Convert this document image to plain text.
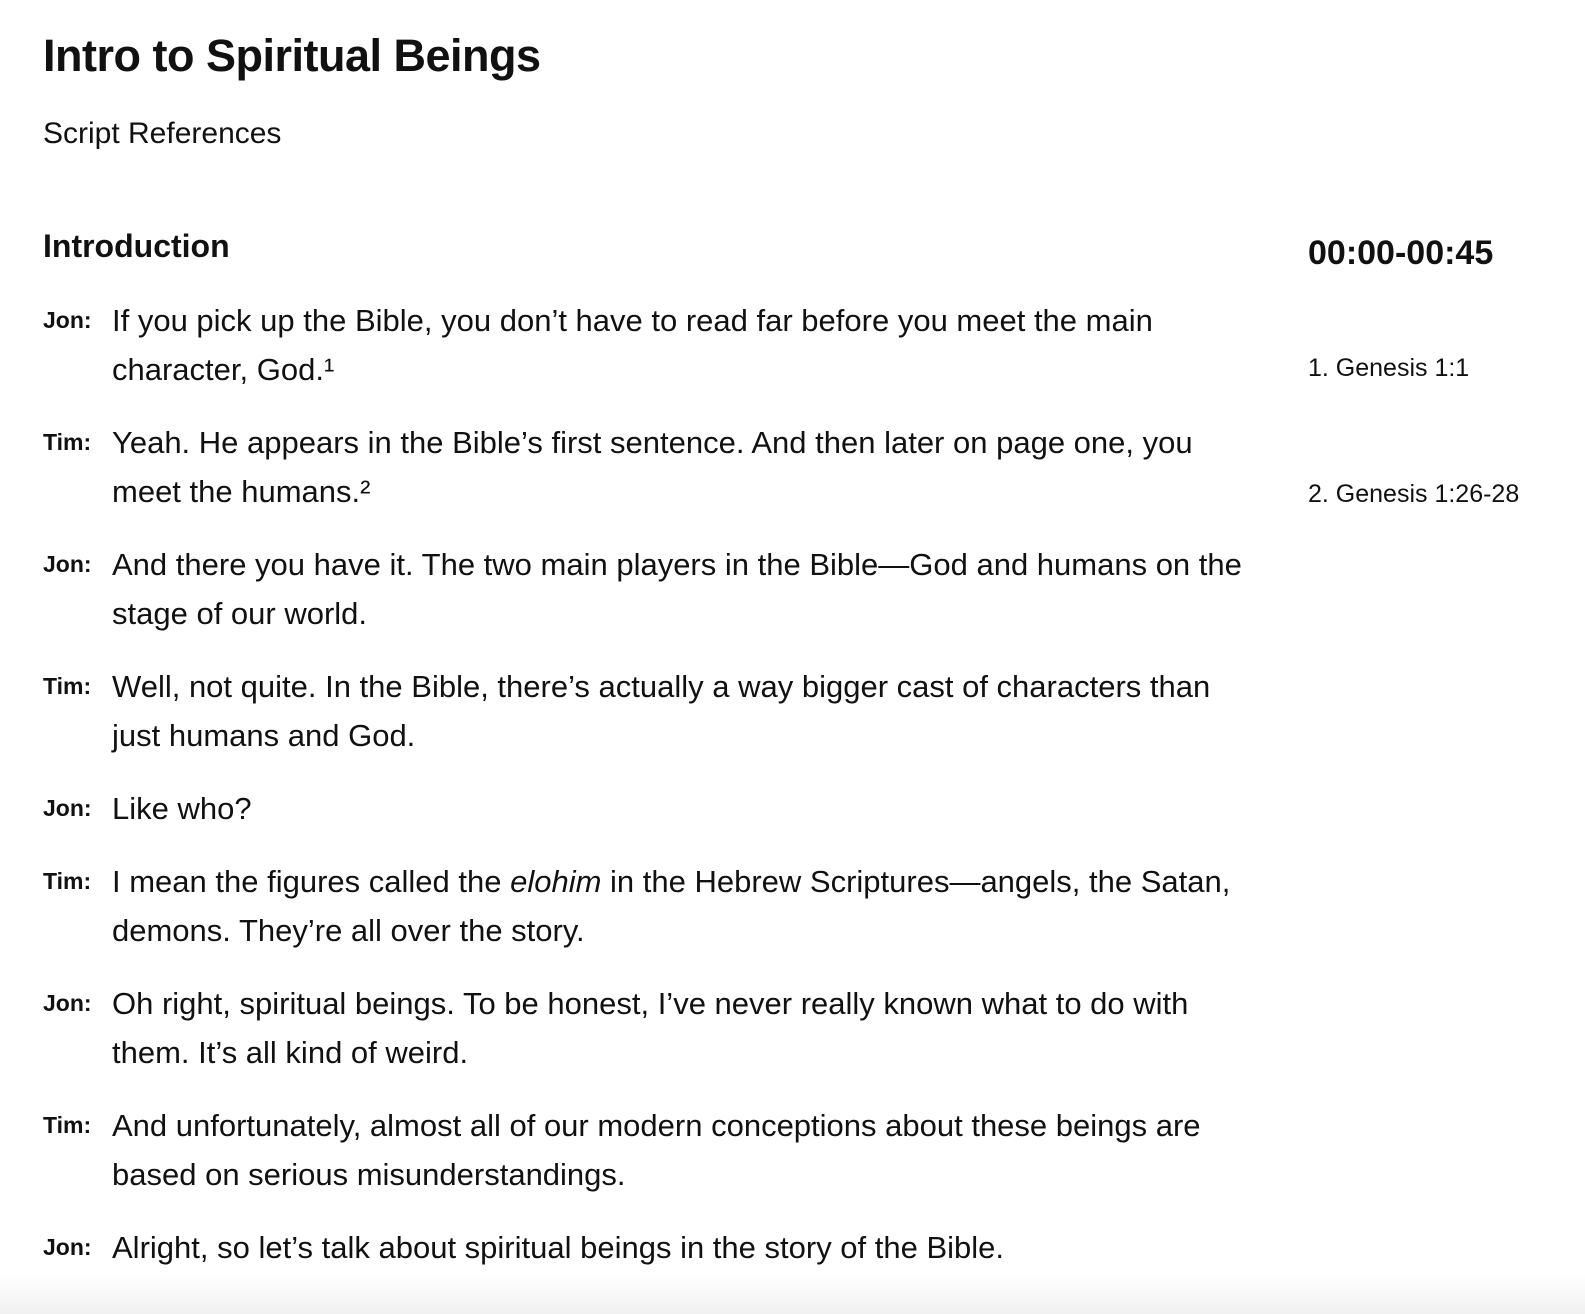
Intro to Spiritual Beings

Script References

Introduction	00:00-00:45
Jon: If you pick up the Bible, you don’t have to read far before you meet the main character, God.¹
Tim: Yeah. He appears in the Bible’s first sentence. And then later on page one, you meet the humans.²
Jon: And there you have it. The two main players in the Bible—God and humans on the stage of our world.
Tim: Well, not quite. In the Bible, there’s actually a way bigger cast of characters than just humans and God.
Jon: Like who?
Tim: I mean the figures called the elohim in the Hebrew Scriptures—angels, the Satan, demons. They’re all over the story.
Jon: Oh right, spiritual beings. To be honest, I’ve never really known what to do with them. It’s all kind of weird.
Tim: And unfortunately, almost all of our modern conceptions about these beings are based on serious misunderstandings.
Jon: Alright, so let’s talk about spiritual beings in the story of the Bible.
1. Genesis 1:1
2. Genesis 1:26-28
